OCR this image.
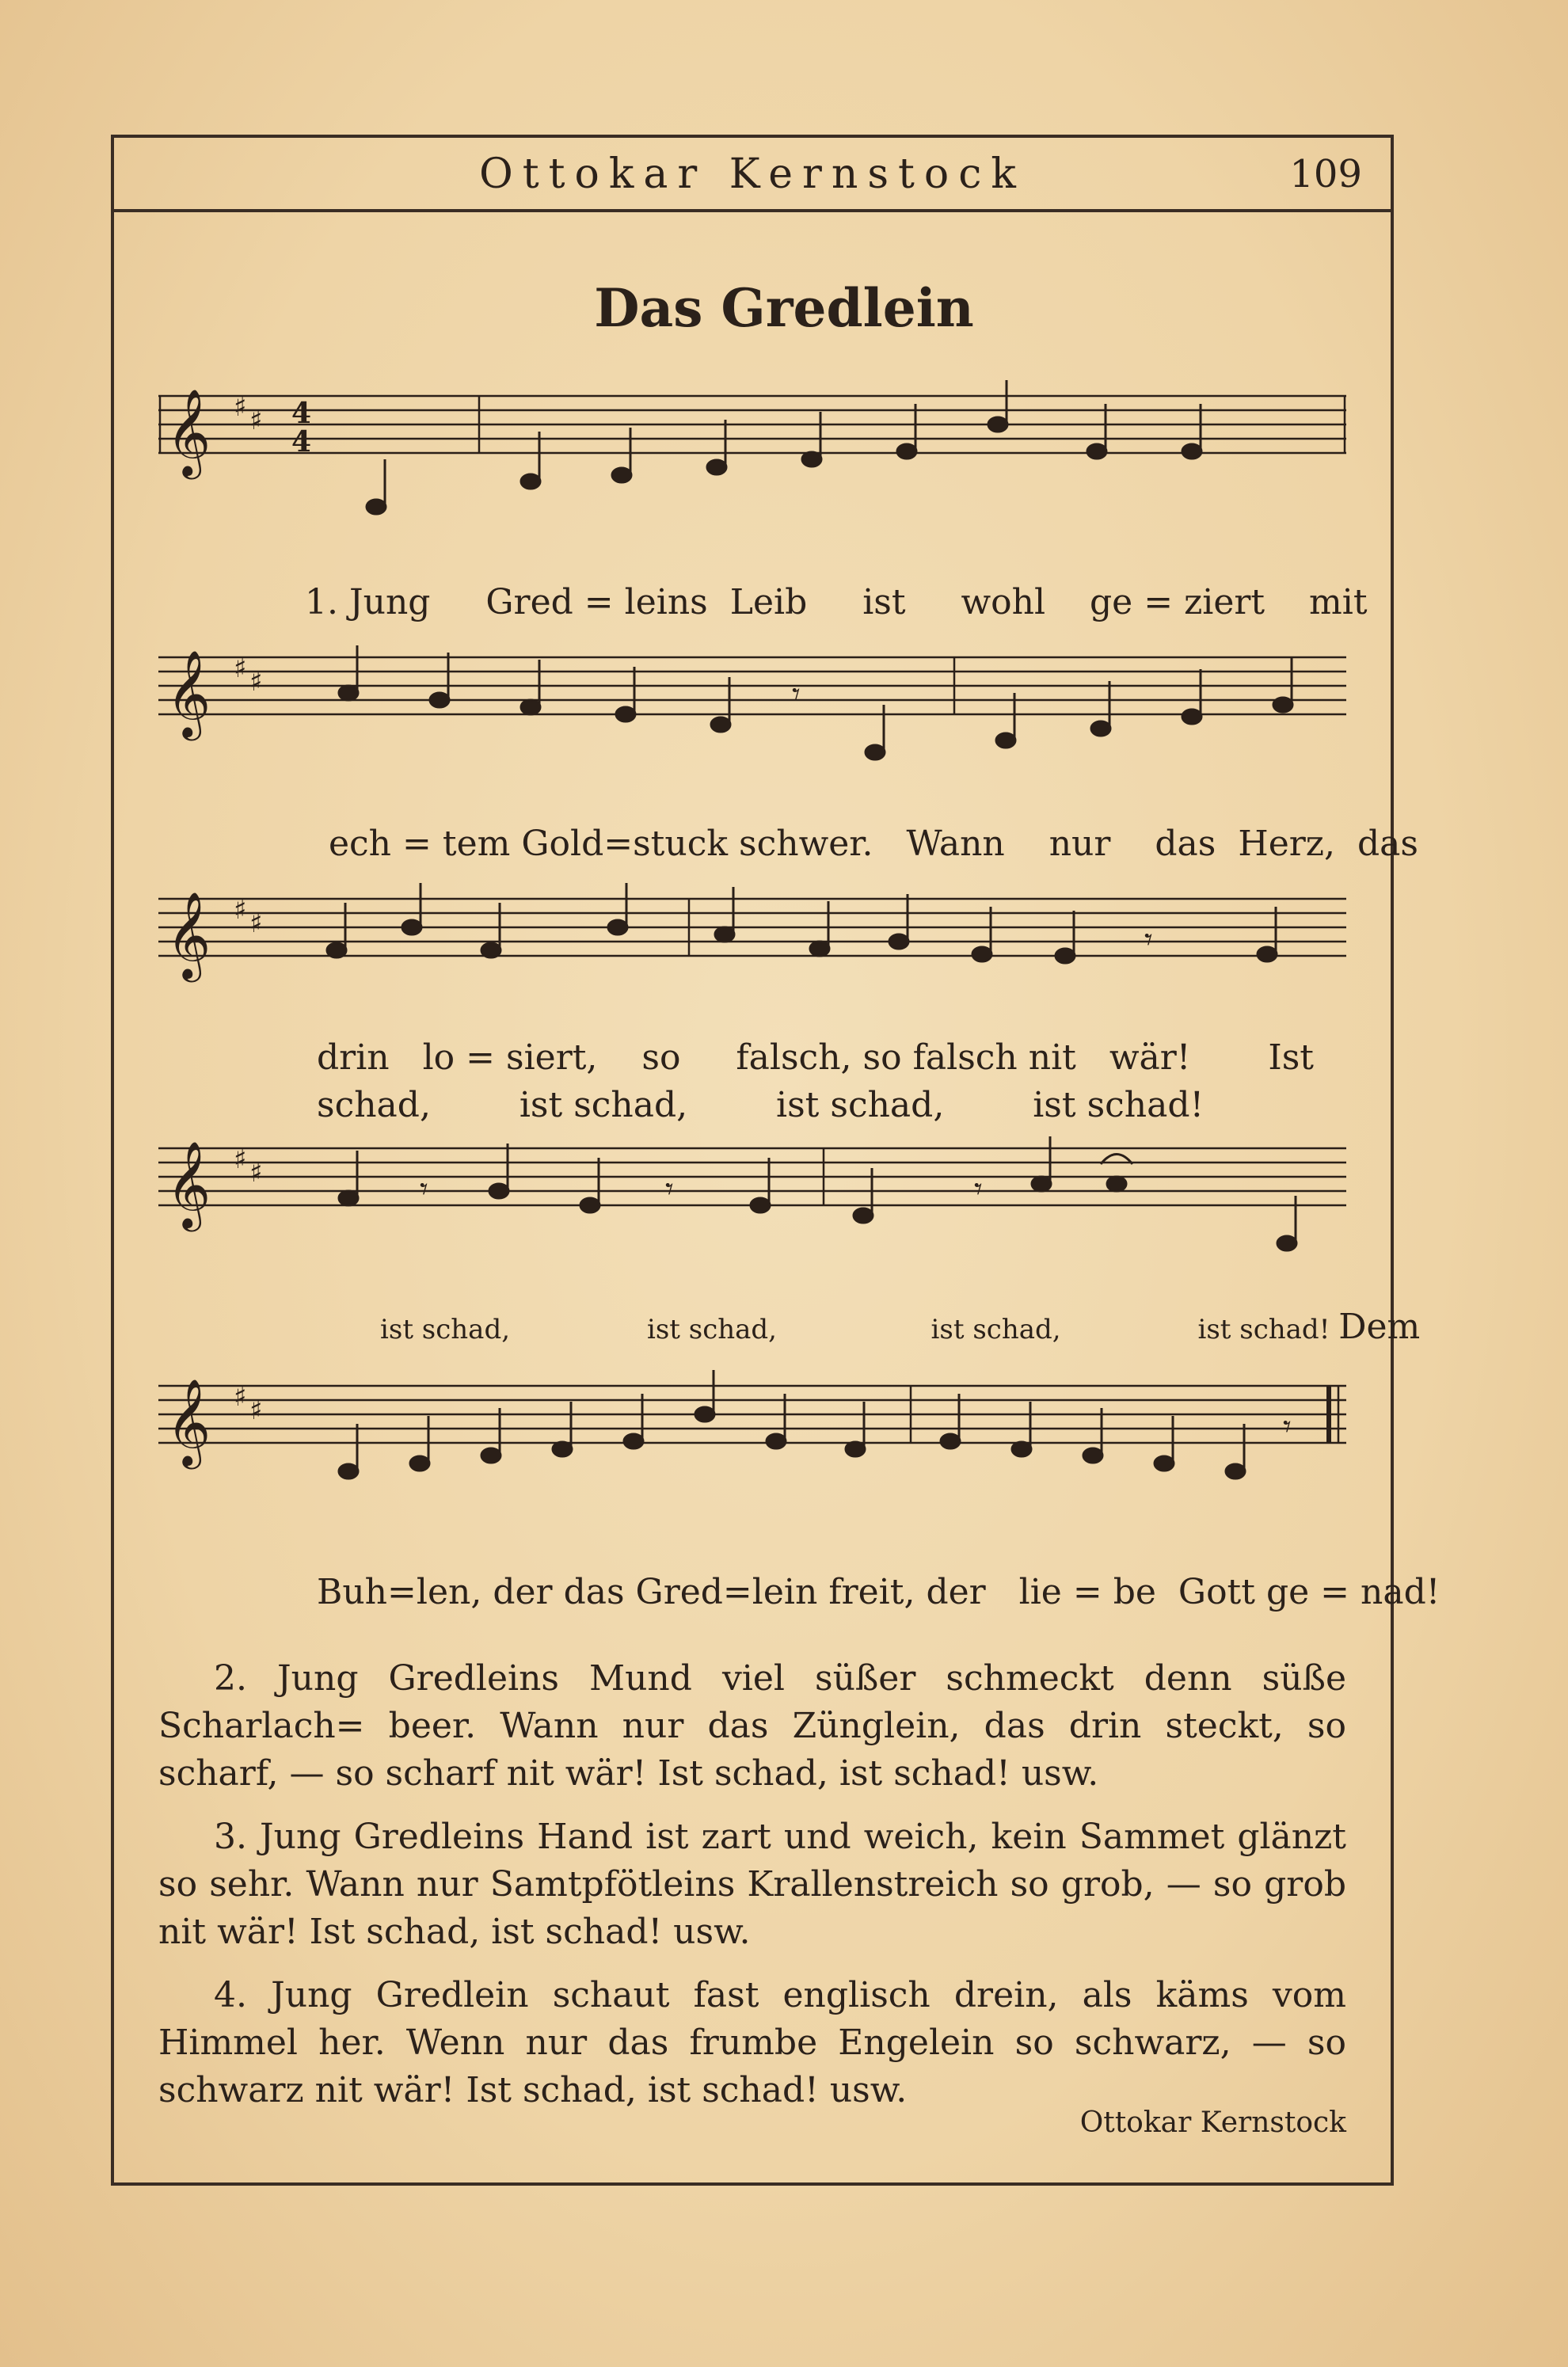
Ottokar Kernstock	109
Das Gredlein
𝄞 ♯ ♯ 4
4
1. Jung Gred = leins Leib ist wohl ge = ziert mit
𝄞 ♯ ♯	𝄾
ech = tem Gold=stuck schwer. Wann nur das Herz, das
𝄞 ♯ ♯	𝄾
drin lo = siert, so falsch, so falsch nit wär! Ist
schad,	ist schad,	ist schad,	ist schad!
𝄞 ♯ ♯	𝄾	𝄾	𝄾
ist schad,	ist schad,	ist schad,	ist schad! Dem
𝄞 ♯ ♯	𝄾
Buh=len, der das Gred=lein freit, der lie = be Gott ge = nad!
2. Jung Gredleins Mund viel süßer schmeckt denn süße Scharlach= beer. Wann nur das Zünglein, das drin steckt, so scharf, — so scharf nit wär! Ist schad, ist schad! usw.
3. Jung Gredleins Hand ist zart und weich, kein Sammet glänzt so sehr. Wann nur Samtpfötleins Krallenstreich so grob, — so grob nit wär! Ist schad, ist schad! usw.
4. Jung Gredlein schaut fast englisch drein, als käms vom Himmel her. Wenn nur das frumbe Engelein so schwarz, — so schwarz nit wär! Ist schad, ist schad! usw.
Ottokar Kernstock
